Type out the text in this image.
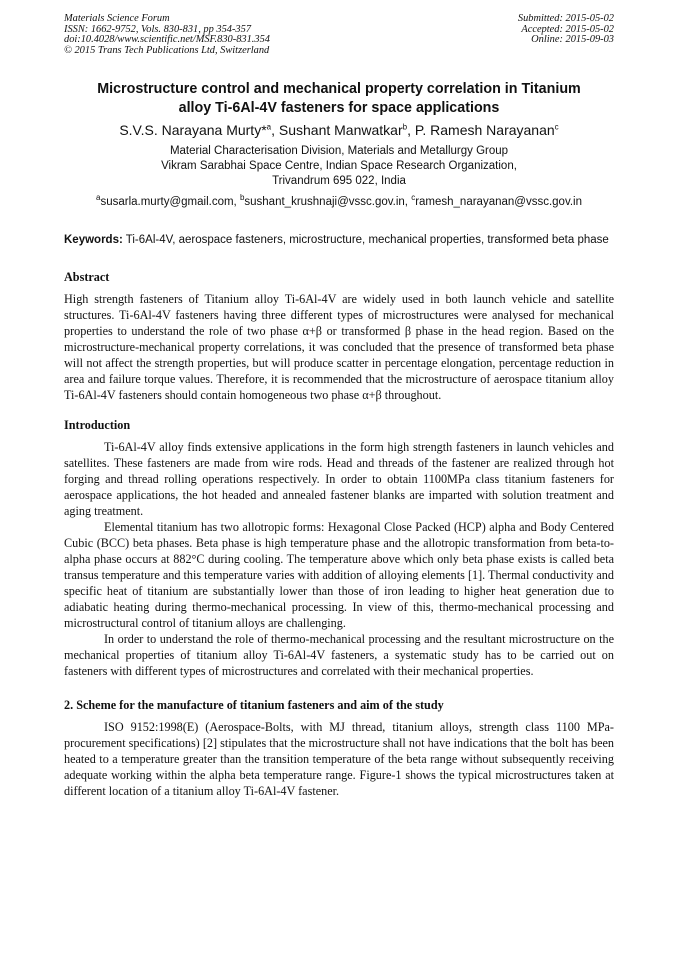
Materials Science Forum
ISSN: 1662-9752, Vols. 830-831, pp 354-357
doi:10.4028/www.scientific.net/MSF.830-831.354
© 2015 Trans Tech Publications Ltd, Switzerland
Submitted: 2015-05-02
Accepted: 2015-05-02
Online: 2015-09-03
Microstructure control and mechanical property correlation in Titanium
alloy Ti-6Al-4V fasteners for space applications
S.V.S. Narayana Murty*$^a$, Sushant Manwatkar$^b$, P. Ramesh Narayanan$^c$
Material Characterisation Division, Materials and Metallurgy Group
Vikram Sarabhai Space Centre, Indian Space Research Organization,
Trivandrum 695 022, India
$^a$susarla.murty@gmail.com, $^b$sushant_krushnaji@vssc.gov.in, $^c$ramesh_narayanan@vssc.gov.in
Keywords: Ti-6Al-4V, aerospace fasteners, microstructure, mechanical properties, transformed beta phase
Abstract

High strength fasteners of Titanium alloy Ti-6Al-4V are widely used in both launch vehicle and satellite structures. Ti-6Al-4V fasteners having three different types of microstructures were analysed for mechanical properties to understand the role of two phase α+β or transformed β phase in the head region. Based on the microstructure-mechanical property correlations, it was concluded that the presence of transformed beta phase will not affect the strength properties, but will produce scatter in percentage elongation, percentage reduction in area and failure torque values. Therefore, it is recommended that the microstructure of aerospace titanium alloy Ti-6Al-4V fasteners should contain homogeneous two phase α+β throughout.

Introduction

Ti-6Al-4V alloy finds extensive applications in the form high strength fasteners in launch vehicles and satellites. These fasteners are made from wire rods. Head and threads of the fastener are realized through hot forging and thread rolling operations respectively. In order to obtain 1100MPa class titanium fasteners for aerospace applications, the hot headed and annealed fastener blanks are imparted with solution treatment and aging treatment.

Elemental titanium has two allotropic forms: Hexagonal Close Packed (HCP) alpha and Body Centered Cubic (BCC) beta phases. Beta phase is high temperature phase and the allotropic transformation from beta-to-alpha phase occurs at 882°C during cooling. The temperature above which only beta phase exists is called beta transus temperature and this temperature varies with addition of alloying elements [1]. Thermal conductivity and specific heat of titanium are substantially lower than those of iron leading to higher heat generation due to adiabatic heating during thermo-mechanical processing. In view of this, thermo-mechanical processing and microstructural control of titanium alloys are challenging.

In order to understand the role of thermo-mechanical processing and the resultant microstructure on the mechanical properties of titanium alloy Ti-6Al-4V fasteners, a systematic study has to be carried out on fasteners with different types of microstructures and correlated with their mechanical properties.

2. Scheme for the manufacture of titanium fasteners and aim of the study

ISO 9152:1998(E) (Aerospace-Bolts, with MJ thread, titanium alloys, strength class 1100 MPa-procurement specifications) [2] stipulates that the microstructure shall not have indications that the bolt has been heated to a temperature greater than the transition temperature of the beta range without subsequently receiving adequate working within the alpha beta temperature range. Figure-1 shows the typical microstructures taken at different location of a titanium alloy Ti-6Al-4V fastener.
